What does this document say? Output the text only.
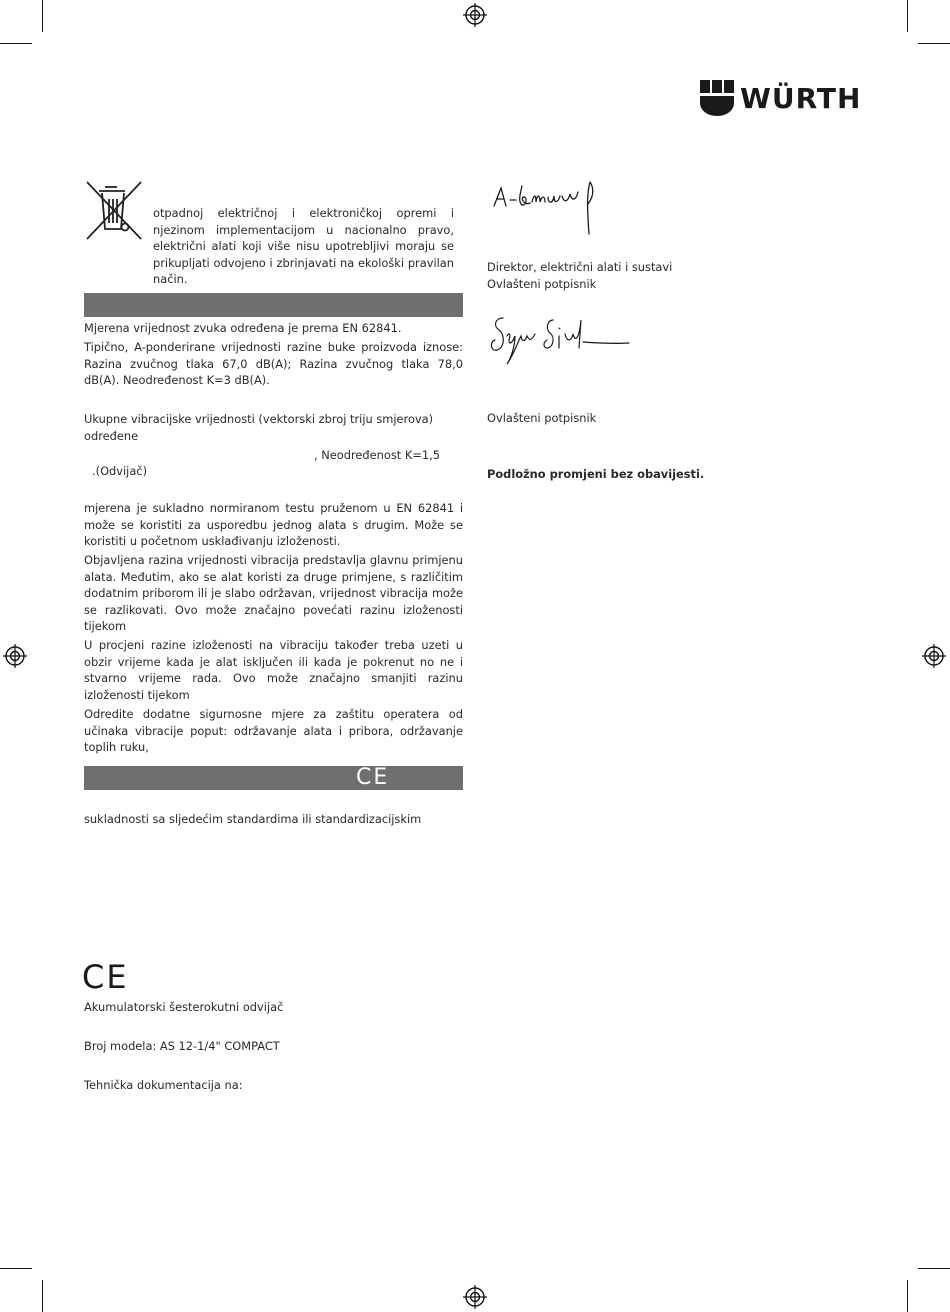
WÜRTH
otpadnoj električnoj i elektroničkoj opremi i njezinom implementacijom u nacionalno pravo, električni alati koji više nisu upotrebljivi moraju se prikupljati odvojeno i zbrinjavati na ekološki pravilan način.
Mjerena vrijednost zvuka određena je prema EN 62841.
Tipično, A-ponderirane vrijednosti razine buke proizvoda iznose: Razina zvučnog tlaka 67,0 dB(A); Razina zvučnog tlaka 78,0 dB(A). Neodređenost K=3 dB(A).
Ukupne vibracijske vrijednosti (vektorski zbroj triju smjerova) određene
, Neodređenost K=1,5
.(Odvijač)
mjerena je sukladno normiranom testu pruženom u EN 62841 i može se koristiti za usporedbu jednog alata s drugim. Može se koristiti u početnom usklađivanju izloženosti.
Objavljena razina vrijednosti vibracija predstavlja glavnu primjenu alata. Međutim, ako se alat koristi za druge primjene, s različitim dodatnim priborom ili je slabo održavan, vrijednost vibracija može se razlikovati. Ovo može značajno povećati razinu izloženosti tijekom
U procjeni razine izloženosti na vibraciju također treba uzeti u obzir vrijeme kada je alat isključen ili kada je pokrenut no ne i stvarno vrijeme rada. Ovo može značajno smanjiti razinu izloženosti tijekom
Odredite dodatne sigurnosne mjere za zaštitu operatera od učinaka vibracije poput: održavanje alata i pribora, održavanje toplih ruku,
CE
sukladnosti sa sljedećim standardima ili standardizacijskim
CE
Akumulatorski šesterokutni odvijač
Broj modela: AS 12-1/4" COMPACT
Tehnička dokumentacija na:
Direktor, električni alati i sustavi
Ovlašteni potpisnik
Ovlašteni potpisnik
Podložno promjeni bez obavijesti.
